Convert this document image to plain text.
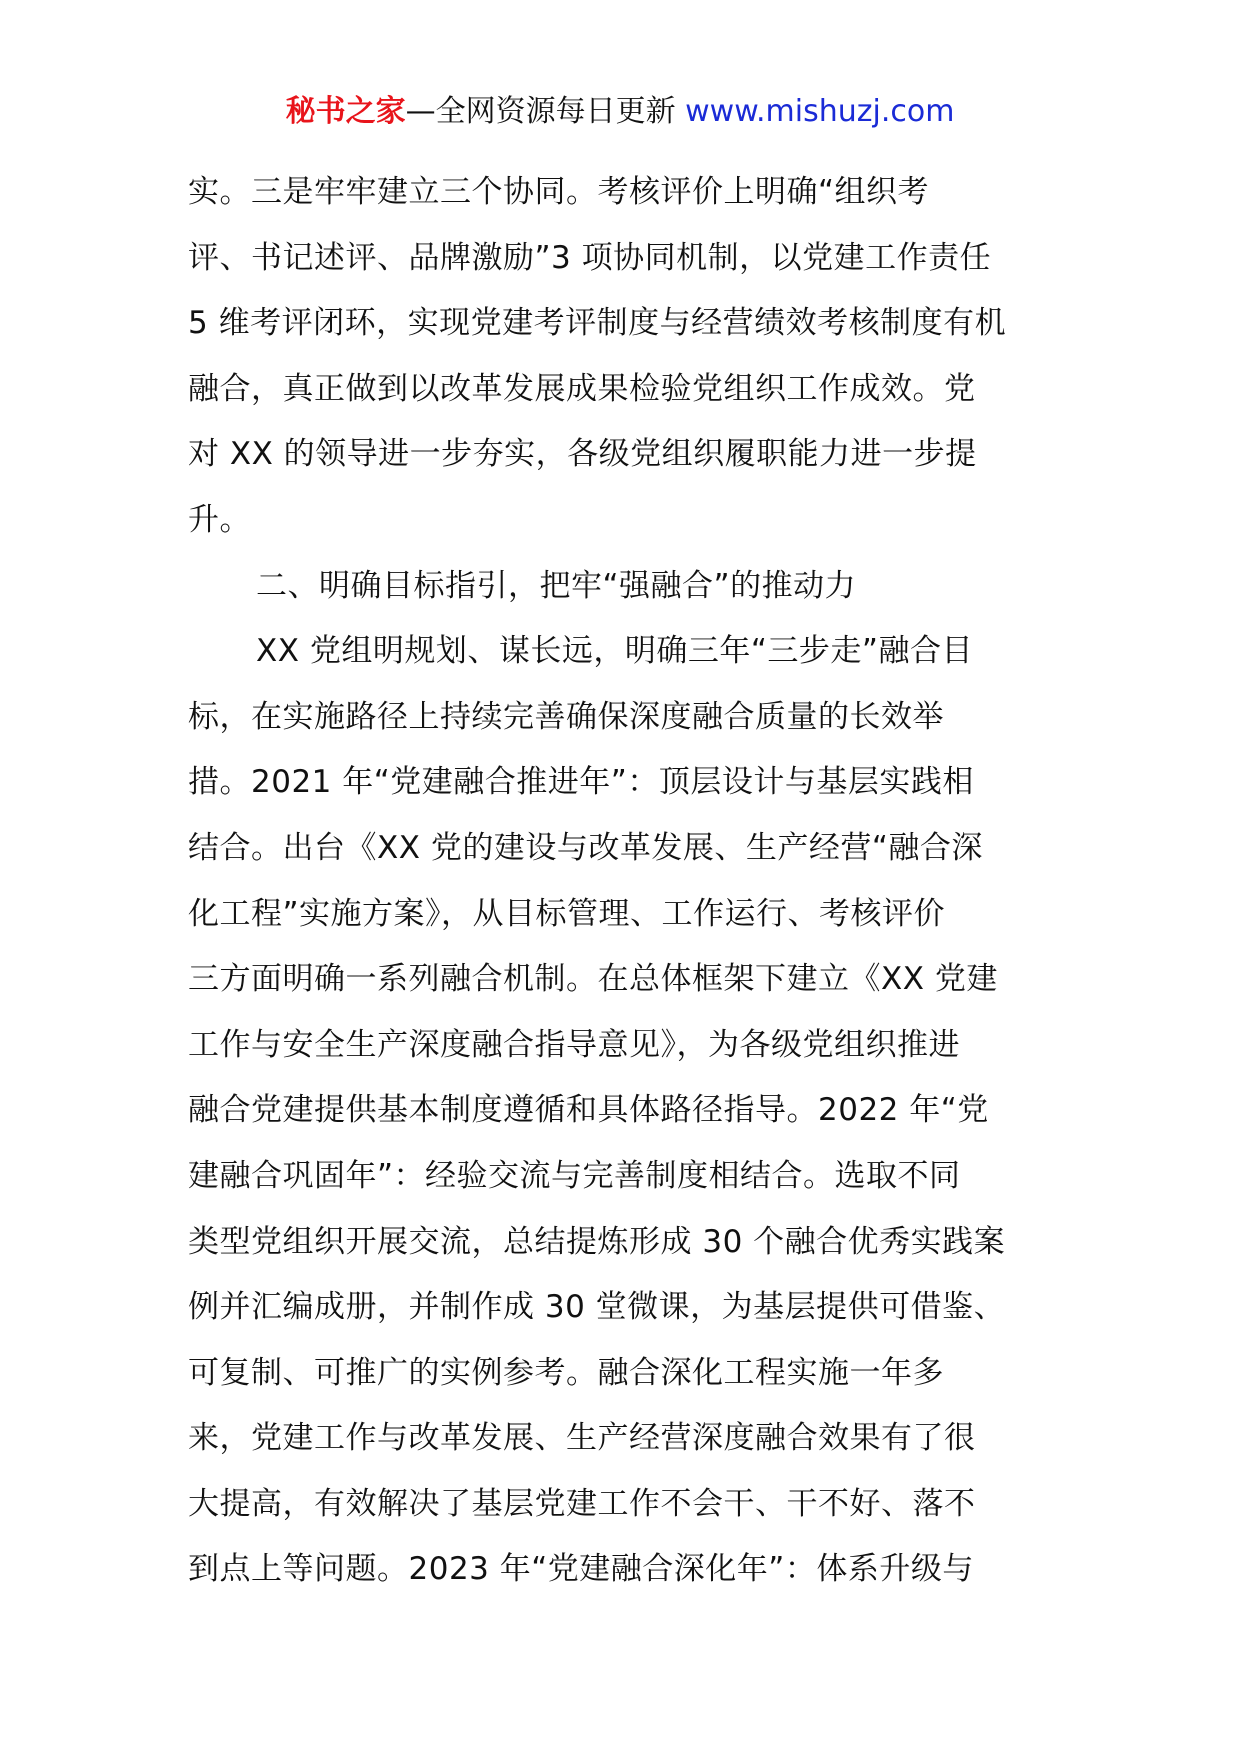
秘书之家—全网资源每日更新 www.mishuzj.com
实。三是牢牢建立三个协同。考核评价上明确“组织考
评、书记述评、品牌激励”3 项协同机制，以党建工作责任
5 维考评闭环，实现党建考评制度与经营绩效考核制度有机
融合，真正做到以改革发展成果检验党组织工作成效。党
对 XX 的领导进一步夯实，各级党组织履职能力进一步提
升。
二、明确目标指引，把牢“强融合”的推动力
XX 党组明规划、谋长远，明确三年“三步走”融合目
标，在实施路径上持续完善确保深度融合质量的长效举
措。2021 年“党建融合推进年”：顶层设计与基层实践相
结合。出台《XX 党的建设与改革发展、生产经营“融合深
化工程”实施方案》，从目标管理、工作运行、考核评价
三方面明确一系列融合机制。在总体框架下建立《XX 党建
工作与安全生产深度融合指导意见》，为各级党组织推进
融合党建提供基本制度遵循和具体路径指导。2022 年“党
建融合巩固年”：经验交流与完善制度相结合。选取不同
类型党组织开展交流，总结提炼形成 30 个融合优秀实践案
例并汇编成册，并制作成 30 堂微课，为基层提供可借鉴、
可复制、可推广的实例参考。融合深化工程实施一年多
来，党建工作与改革发展、生产经营深度融合效果有了很
大提高，有效解决了基层党建工作不会干、干不好、落不
到点上等问题。2023 年“党建融合深化年”：体系升级与
